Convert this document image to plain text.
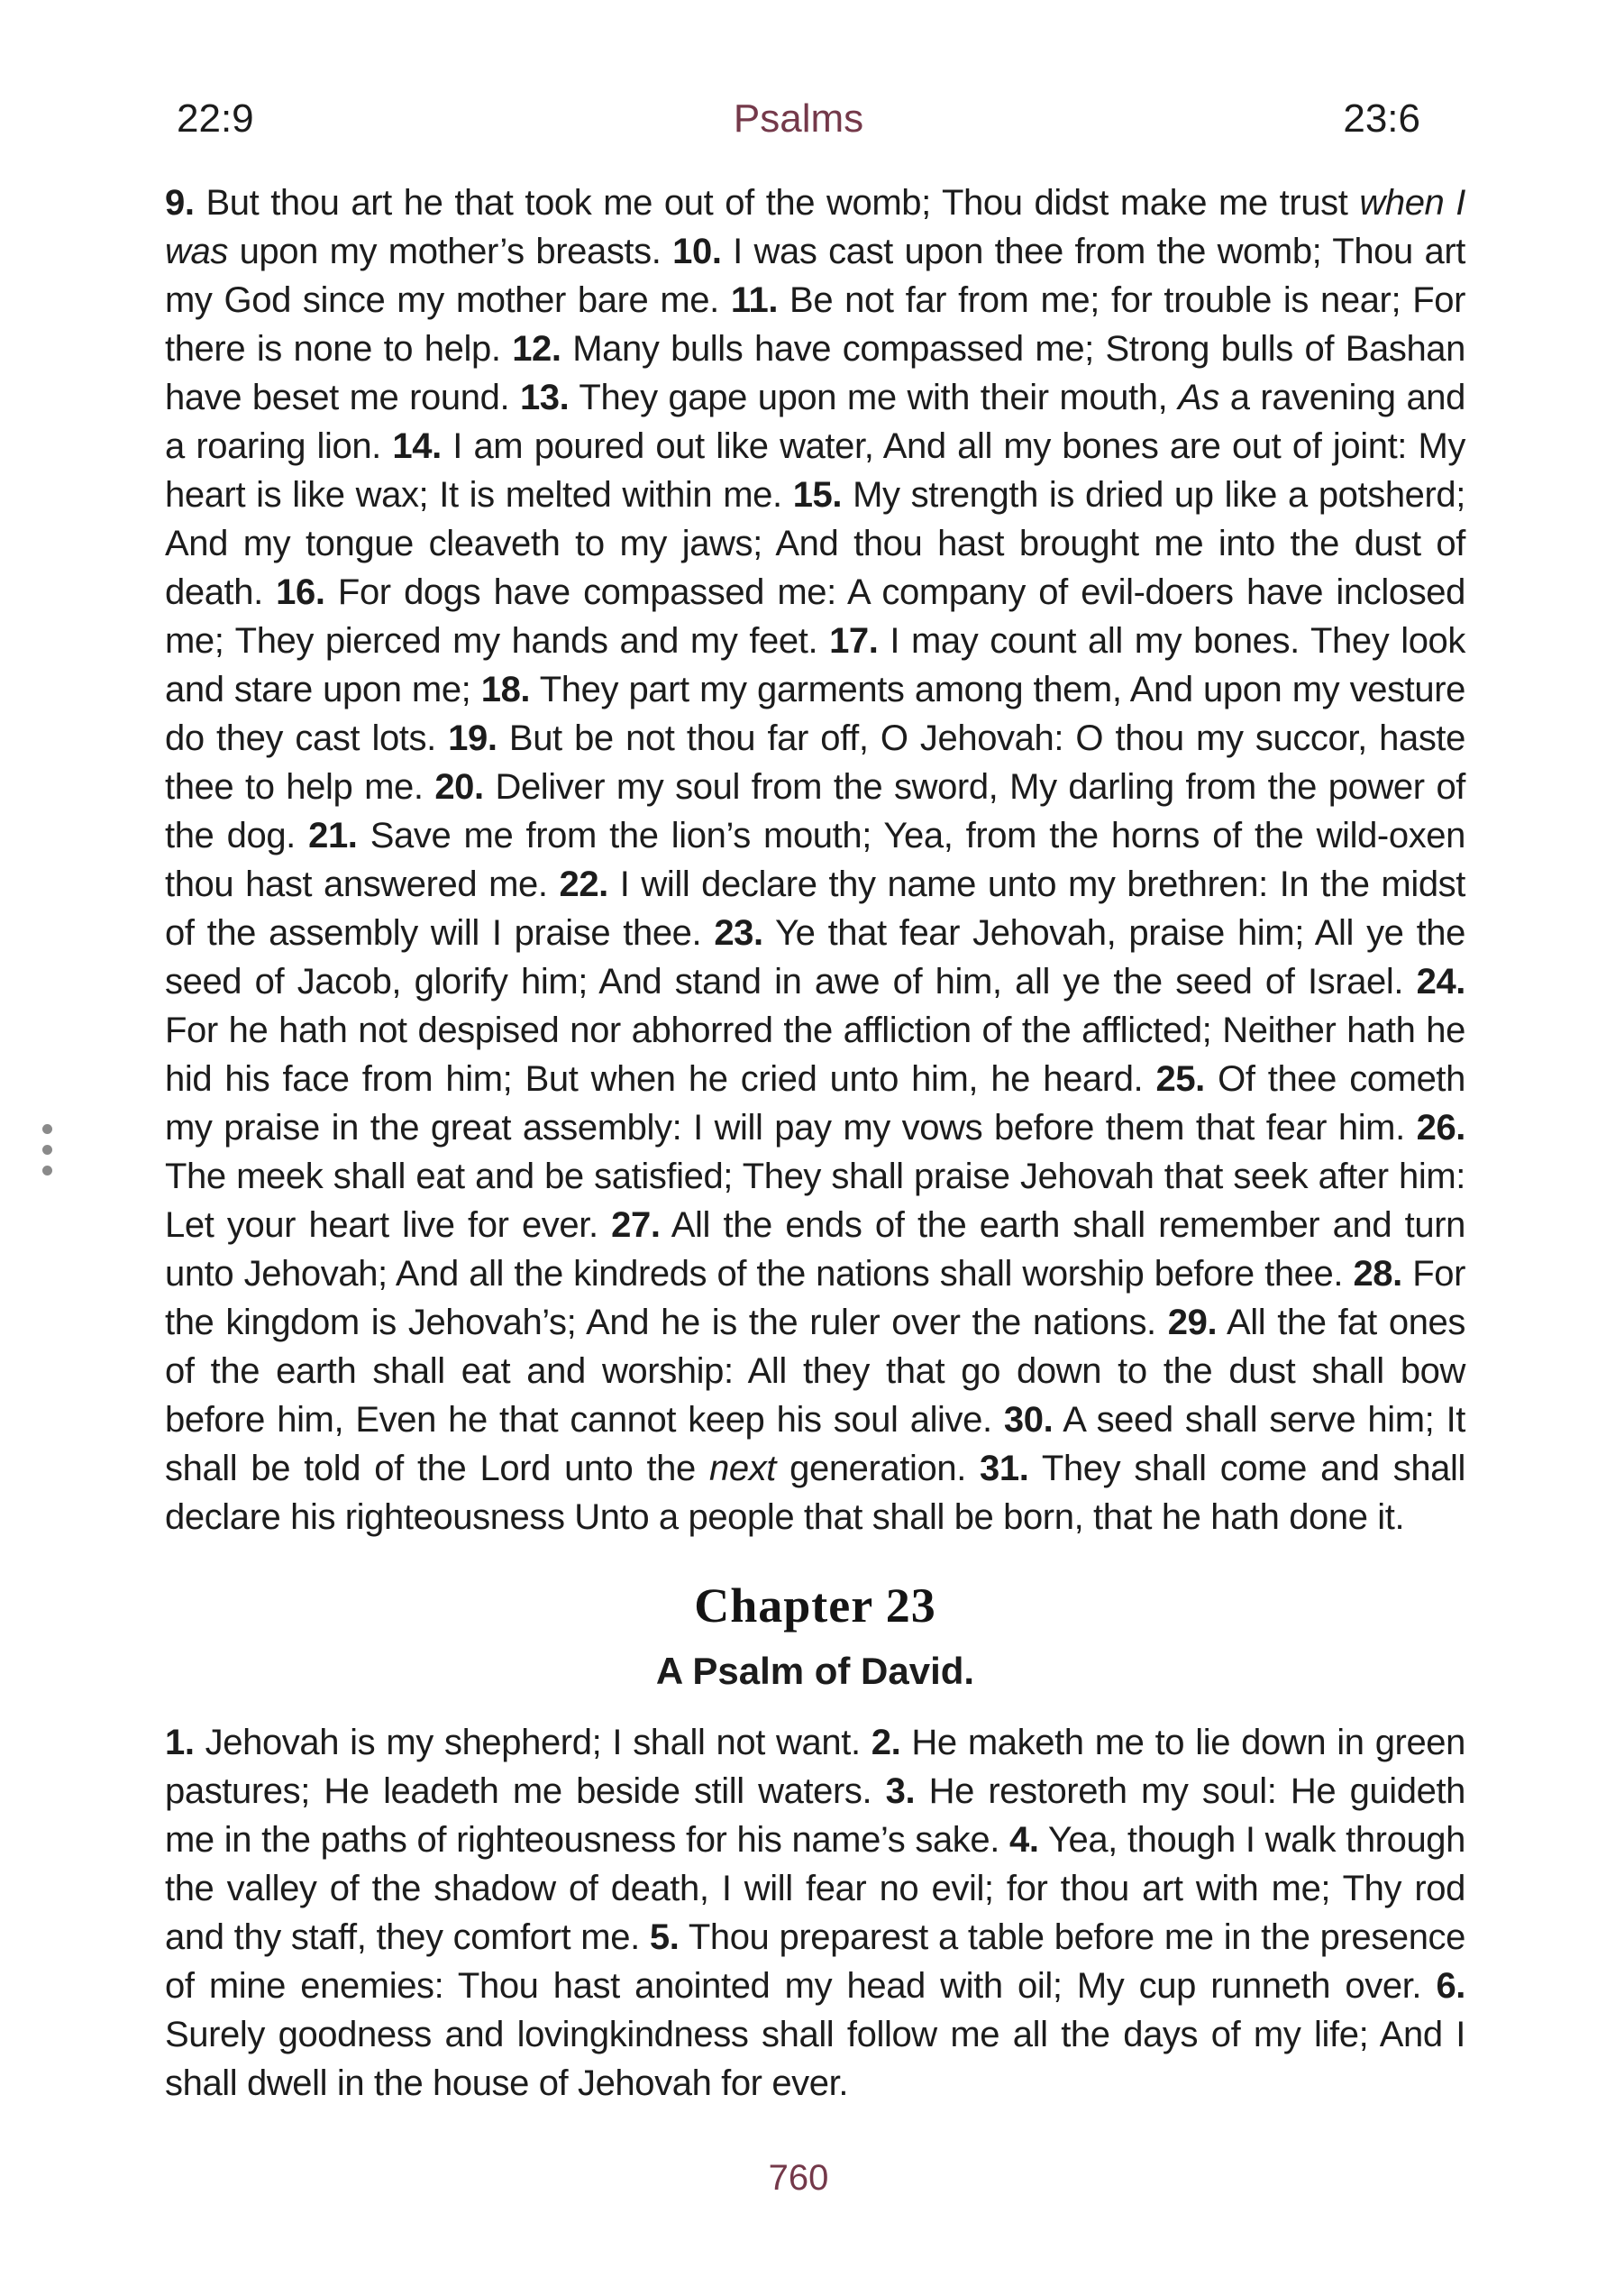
22:9	Psalms	23:6

9. But thou art he that took me out of the womb; Thou didst make me trust when I was upon my mother’s breasts. 10. I was cast upon thee from the womb; Thou art my God since my mother bare me. 11. Be not far from me; for trouble is near; For there is none to help. 12. Many bulls have compassed me; Strong bulls of Bashan have beset me round. 13. They gape upon me with their mouth, As a ravening and a roaring lion. 14. I am poured out like water, And all my bones are out of joint: My heart is like wax; It is melted within me. 15. My strength is dried up like a potsherd; And my tongue cleaveth to my jaws; And thou hast brought me into the dust of death. 16. For dogs have compassed me: A company of evil-doers have inclosed me; They pierced my hands and my feet. 17. I may count all my bones. They look and stare upon me; 18. They part my garments among them, And upon my vesture do they cast lots. 19. But be not thou far off, O Jehovah: O thou my succor, haste thee to help me. 20. Deliver my soul from the sword, My darling from the power of the dog. 21. Save me from the lion’s mouth; Yea, from the horns of the wild-oxen thou hast answered me. 22. I will declare thy name unto my brethren: In the midst of the assembly will I praise thee. 23. Ye that fear Jehovah, praise him; All ye the seed of Jacob, glorify him; And stand in awe of him, all ye the seed of Israel. 24. For he hath not despised nor abhorred the affliction of the afflicted; Neither hath he hid his face from him; But when he cried unto him, he heard. 25. Of thee cometh my praise in the great assembly: I will pay my vows before them that fear him. 26. The meek shall eat and be satisfied; They shall praise Jehovah that seek after him: Let your heart live for ever. 27. All the ends of the earth shall remember and turn unto Jehovah; And all the kindreds of the nations shall worship before thee. 28. For the kingdom is Jehovah’s; And he is the ruler over the nations. 29. All the fat ones of the earth shall eat and worship: All they that go down to the dust shall bow before him, Even he that cannot keep his soul alive. 30. A seed shall serve him; It shall be told of the Lord unto the next generation. 31. They shall come and shall declare his righteousness Unto a people that shall be born, that he hath done it.

Chapter 23
A Psalm of David.

1. Jehovah is my shepherd; I shall not want. 2. He maketh me to lie down in green pastures; He leadeth me beside still waters. 3. He restoreth my soul: He guideth me in the paths of righteousness for his name’s sake. 4. Yea, though I walk through the valley of the shadow of death, I will fear no evil; for thou art with me; Thy rod and thy staff, they comfort me. 5. Thou preparest a table before me in the presence of mine enemies: Thou hast anointed my head with oil; My cup runneth over. 6. Surely goodness and lovingkindness shall follow me all the days of my life; And I shall dwell in the house of Jehovah for ever.

760
